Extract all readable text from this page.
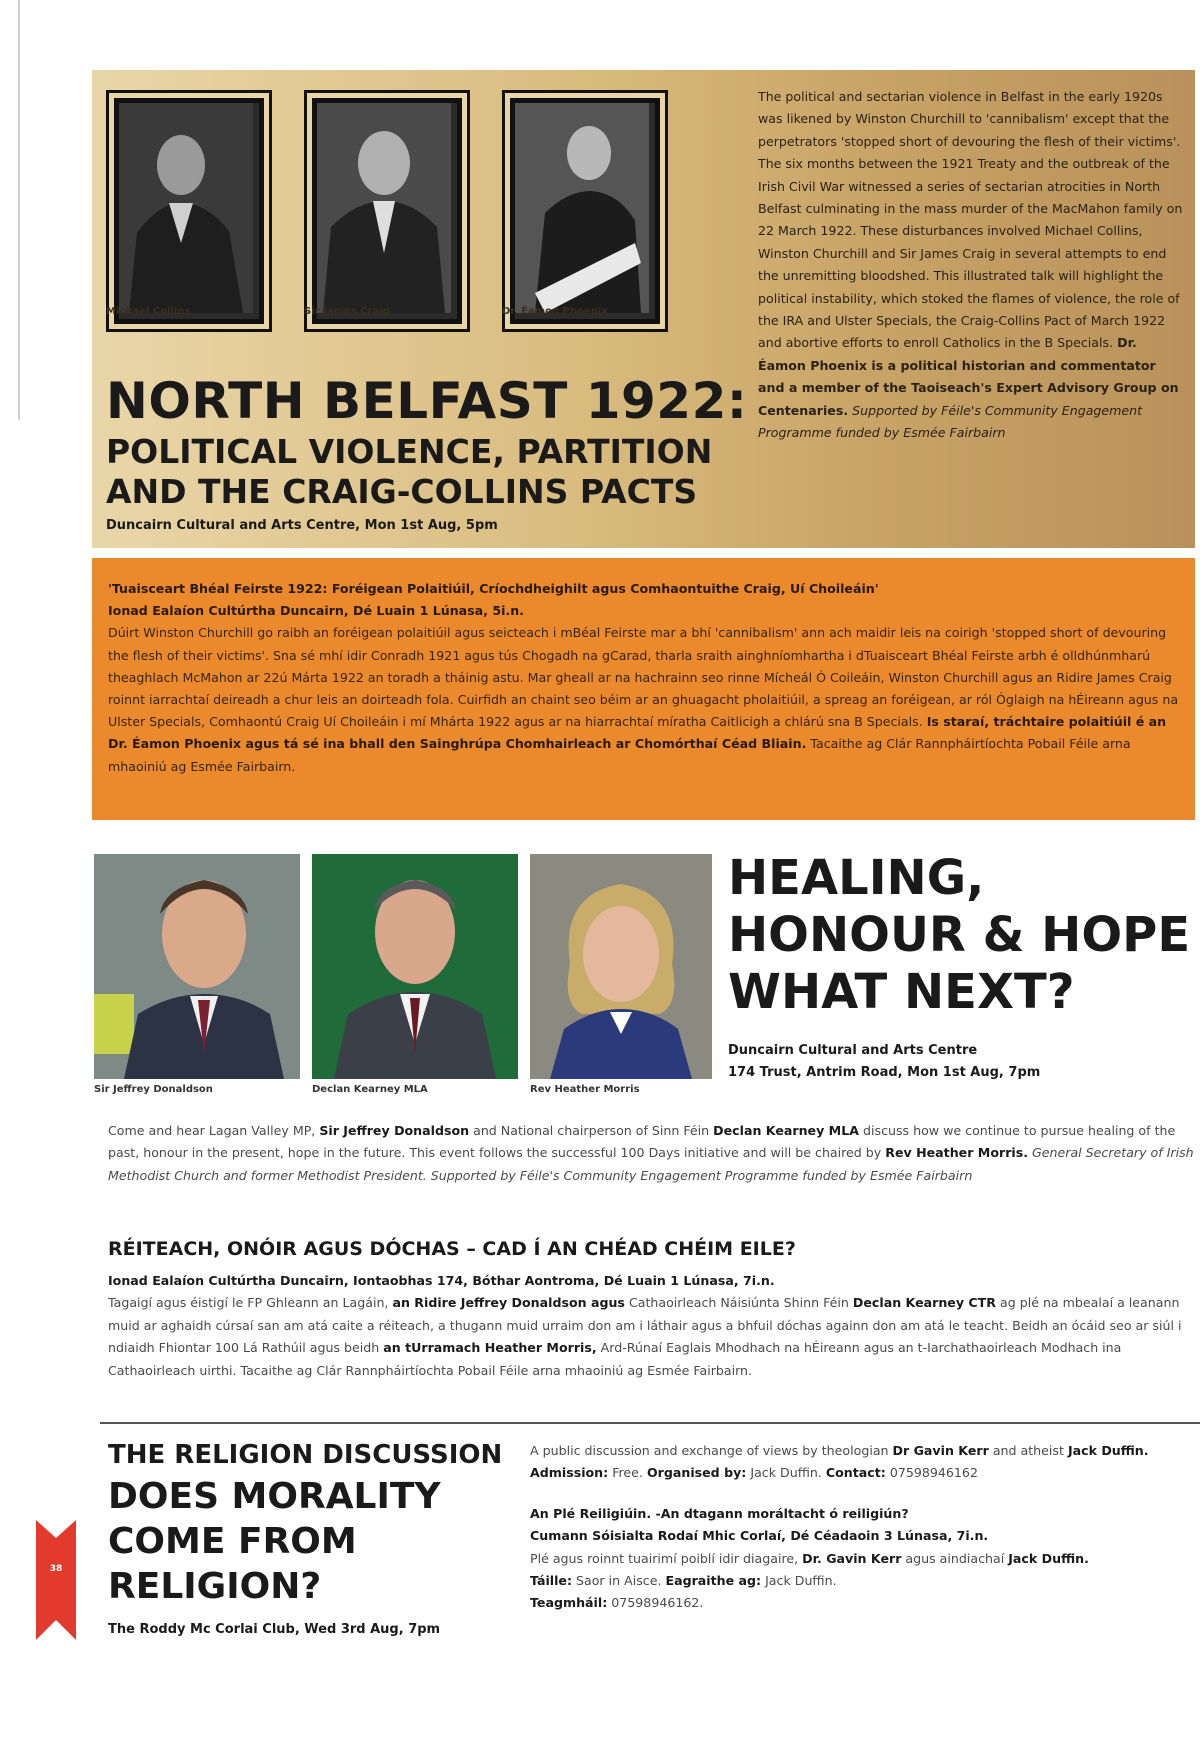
Michael Collins	Sir James Craig	Dr. Éamon Phoenix
NORTH BELFAST 1922:
POLITICAL VIOLENCE, PARTITION
AND THE CRAIG-COLLINS PACTS
Duncairn Cultural and Arts Centre, Mon 1st Aug, 5pm
The political and sectarian violence in Belfast in the early 1920s was likened by Winston Churchill to 'cannibalism' except that the perpetrators 'stopped short of devouring the flesh of their victims'. The six months between the 1921 Treaty and the outbreak of the Irish Civil War witnessed a series of sectarian atrocities in North Belfast culminating in the mass murder of the MacMahon family on 22 March 1922. These disturbances involved Michael Collins, Winston Churchill and Sir James Craig in several attempts to end the unremitting bloodshed. This illustrated talk will highlight the political instability, which stoked the flames of violence, the role of the IRA and Ulster Specials, the Craig-Collins Pact of March 1922 and abortive efforts to enroll Catholics in the B Specials. Dr. Éamon Phoenix is a political historian and commentator and a member of the Taoiseach's Expert Advisory Group on Centenaries. Supported by Féile's Community Engagement Programme funded by Esmée Fairbairn
'Tuaisceart Bhéal Feirste 1922: Foréigean Polaitiúil, Críochdheighilt agus Comhaontuithe Craig, Uí Choileáin'
Ionad Ealaíon Cultúrtha Duncairn, Dé Luain 1 Lúnasa, 5i.n.
Dúirt Winston Churchill go raibh an foréigean polaitiúil agus seicteach i mBéal Feirste mar a bhí 'cannibalism' ann ach maidir leis na coirigh 'stopped short of devouring the flesh of their victims'. Sna sé mhí idir Conradh 1921 agus tús Chogadh na gCarad, tharla sraith ainghníomhartha i dTuaisceart Bhéal Feirste arbh é olldhúnmharú theaghlach McMahon ar 22ú Márta 1922 an toradh a tháinig astu. Mar gheall ar na hachrainn seo rinne Mícheál Ó Coileáin, Winston Churchill agus an Ridire James Craig roinnt iarrachtaí deireadh a chur leis an doirteadh fola. Cuirfidh an chaint seo béim ar an ghuagacht pholaitiúil, a spreag an foréigean, ar ról Óglaigh na hÉireann agus na Ulster Specials, Comhaontú Craig Uí Choileáin i mí Mhárta 1922 agus ar na hiarrachtaí míratha Caitlicigh a chlárú sna B Specials. Is staraí, tráchtaire polaitiúil é an Dr. Éamon Phoenix agus tá sé ina bhall den Sainghrúpa Chomhairleach ar Chomórthaí Céad Bliain. Tacaithe ag Clár Rannpháirtíochta Pobail Féile arna mhaoiniú ag Esmée Fairbairn.
Sir Jeffrey Donaldson	Declan Kearney MLA	Rev Heather Morris
HEALING,
HONOUR & HOPE
WHAT NEXT?
Duncairn Cultural and Arts Centre
174 Trust, Antrim Road, Mon 1st Aug, 7pm
Come and hear Lagan Valley MP, Sir Jeffrey Donaldson and National chairperson of Sinn Féin Declan Kearney MLA discuss how we continue to pursue healing of the past, honour in the present, hope in the future. This event follows the successful 100 Days initiative and will be chaired by Rev Heather Morris. General Secretary of Irish Methodist Church and former Methodist President. Supported by Féile's Community Engagement Programme funded by Esmée Fairbairn
RÉITEACH, ONÓIR AGUS DÓCHAS – CAD Í AN CHÉAD CHÉIM EILE?
Ionad Ealaíon Cultúrtha Duncairn, Iontaobhas 174, Bóthar Aontroma, Dé Luain 1 Lúnasa, 7i.n.
Tagaigí agus éistigí le FP Ghleann an Lagáin, an Ridire Jeffrey Donaldson agus Cathaoirleach Náisiúnta Shinn Féin Declan Kearney CTR ag plé na mbealaí a leanann muid ar aghaidh cúrsaí san am atá caite a réiteach, a thugann muid urraim don am i láthair agus a bhfuil dóchas againn don am atá le teacht. Beidh an ócáid seo ar siúl i ndiaidh Fhiontar 100 Lá Rathúil agus beidh an tUrramach Heather Morris, Ard-Rúnaí Eaglais Mhodhach na hÉireann agus an t-Iarchathaoirleach Modhach ina Cathaoirleach uirthi. Tacaithe ag Clár Rannpháirtíochta Pobail Féile arna mhaoiniú ag Esmée Fairbairn.
THE RELIGION DISCUSSION
DOES MORALITY
COME FROM
RELIGION?
The Roddy Mc Corlai Club, Wed 3rd Aug, 7pm
A public discussion and exchange of views by theologian Dr Gavin Kerr and atheist Jack Duffin. Admission: Free. Organised by: Jack Duffin. Contact: 07598946162
An Plé Reiligiúin. -An dtagann moráltacht ó reiligiún?
Cumann Sóisialta Rodaí Mhic Corlaí, Dé Céadaoin 3 Lúnasa, 7i.n.
Plé agus roinnt tuairimí poiblí idir diagaire, Dr. Gavin Kerr agus aindiachaí Jack Duffin.
Táille: Saor in Aisce. Eagraithe ag: Jack Duffin.
Teagmháil: 07598946162.
38
